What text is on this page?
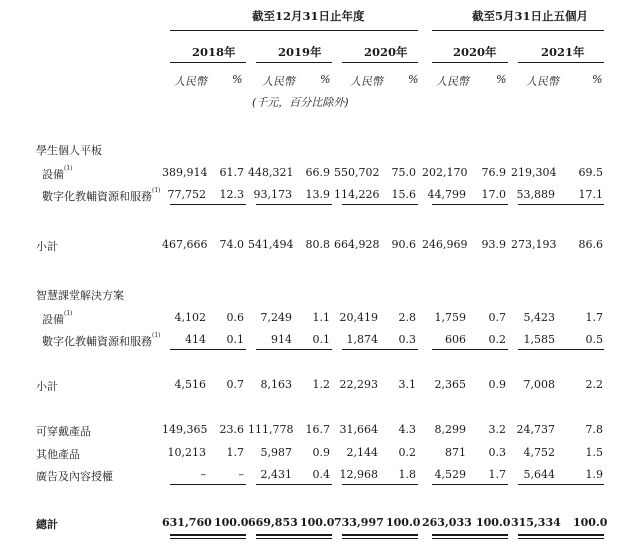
截至12月31日止年度	截至5月31日止五個月
2018年	2019年	2020年	2020年	2021年
人民幣 % 人民幣 % 人民幣 % 人民幣 % 人民幣	%
(千元，百分比除外)
學生個人平板
設備$^{(1)}$	389,914	61.7 448,321	66.9 550,702	75.0 202,170	76.9 219,304	69.5
數字化教輔資源和服務$^{(1)}$ 77,752	12.3 93,173	13.9 114,226	15.6	44,799	17.0 53,889	17.1
小計	467,666	74.0 541,494	80.8 664,928	90.6 246,969	93.9 273,193	86.6
智慧課堂解決方案
設備$^{(1)}$	4,102	0.6	7,249	1.1 20,419	2.8	1,759	0.7	5,423	1.7
數字化教輔資源和服務$^{(1)}$	414	0.1	914	0.1	1,874	0.3	606	0.2	1,585	0.5
小計	4,516	0.7	8,163	1.2 22,293	3.1	2,365	0.9	7,008	2.2
可穿戴產品	149,365	23.6 111,778	16.7 31,664	4.3	8,299	3.2 24,737	7.8
其他產品	10,213	1.7	5,987	0.9	2,144	0.2	871	0.3	4,752	1.5
廣告及內容授權	–	–	2,431	0.4 12,968	1.8	4,529	1.7	5,644	1.9
總計	631,760 100.0 669,853 100.0 733,997 100.0 263,033 100.0 315,334 100.0
